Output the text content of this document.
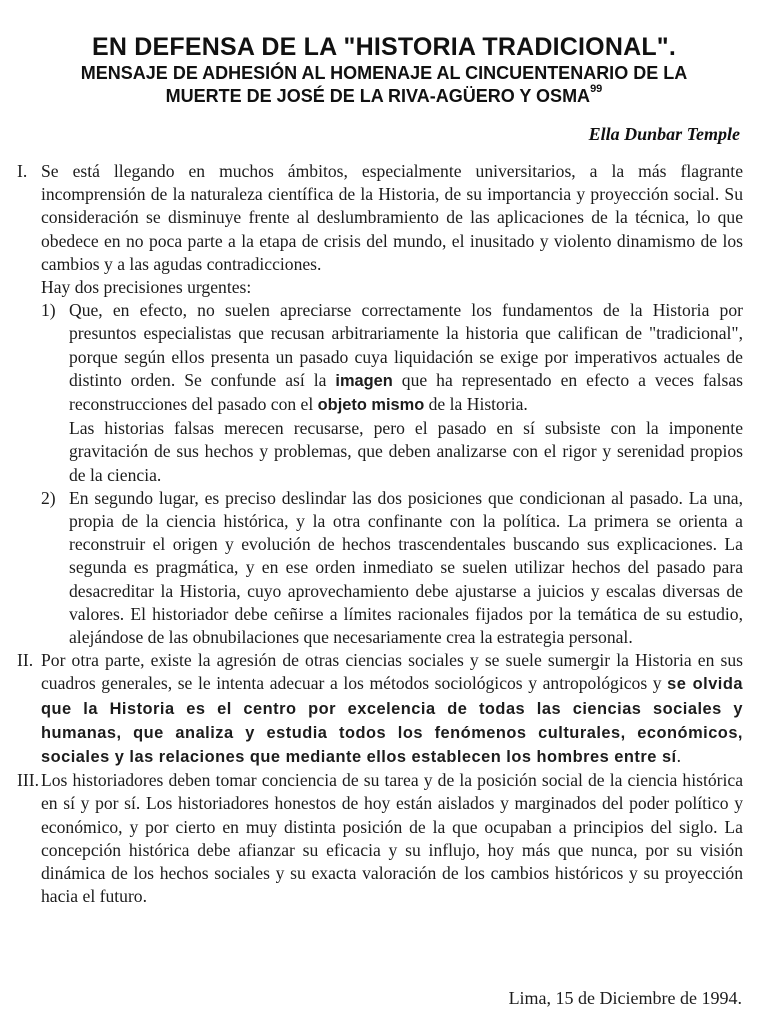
EN DEFENSA DE LA "HISTORIA TRADICIONAL".
MENSAJE DE ADHESIÓN AL HOMENAJE AL CINCUENTENARIO DE LA
MUERTE DE JOSÉ DE LA RIVA-AGÜERO Y OSMA$^{99}$
Ella Dunbar Temple
I. Se está llegando en muchos ámbitos, especialmente universitarios, a la más flagrante incomprensión de la naturaleza científica de la Historia, de su importancia y proyección social. Su consideración se disminuye frente al deslumbramiento de las aplicaciones de la técnica, lo que obedece en no poca parte a la etapa de crisis del mundo, el inusitado y violento dinamismo de los cambios y a las agudas contradicciones.

Hay dos precisiones urgentes:

1) Que, en efecto, no suelen apreciarse correctamente los fundamentos de la Historia por presuntos especialistas que recusan arbitrariamente la historia que califican de "tradicional", porque según ellos presenta un pasado cuya liquidación se exige por imperativos actuales de distinto orden. Se confunde así la imagen que ha representado en efecto a veces falsas reconstrucciones del pasado con el objeto mismo de la Historia.

Las historias falsas merecen recusarse, pero el pasado en sí subsiste con la imponente gravitación de sus hechos y problemas, que deben analizarse con el rigor y serenidad propios de la ciencia.

2) En segundo lugar, es preciso deslindar las dos posiciones que condicionan al pasado. La una, propia de la ciencia histórica, y la otra confinante con la política. La primera se orienta a reconstruir el origen y evolución de hechos trascendentales buscando sus explicaciones. La segunda es pragmática, y en ese orden inmediato se suelen utilizar hechos del pasado para desacreditar la Historia, cuyo aprovechamiento debe ajustarse a juicios y escalas diversas de valores. El historiador debe ceñirse a límites racionales fijados por la temática de su estudio, alejándose de las obnubilaciones que necesariamente crea la estrategia personal.

II. Por otra parte, existe la agresión de otras ciencias sociales y se suele sumergir la Historia en sus cuadros generales, se le intenta adecuar a los métodos sociológicos y antropológicos y se olvida que la Historia es el centro por excelencia de todas las ciencias sociales y humanas, que analiza y estudia todos los fenómenos culturales, económicos, sociales y las relaciones que mediante ellos establecen los hombres entre sí.

III. Los historiadores deben tomar conciencia de su tarea y de la posición social de la ciencia histórica en sí y por sí. Los historiadores honestos de hoy están aislados y marginados del poder político y económico, y por cierto en muy distinta posición de la que ocupaban a principios del siglo. La concepción histórica debe afianzar su eficacia y su influjo, hoy más que nunca, por su visión dinámica de los hechos sociales y su exacta valoración de los cambios históricos y su proyección hacia el futuro.

Lima, 15 de Diciembre de 1994.
